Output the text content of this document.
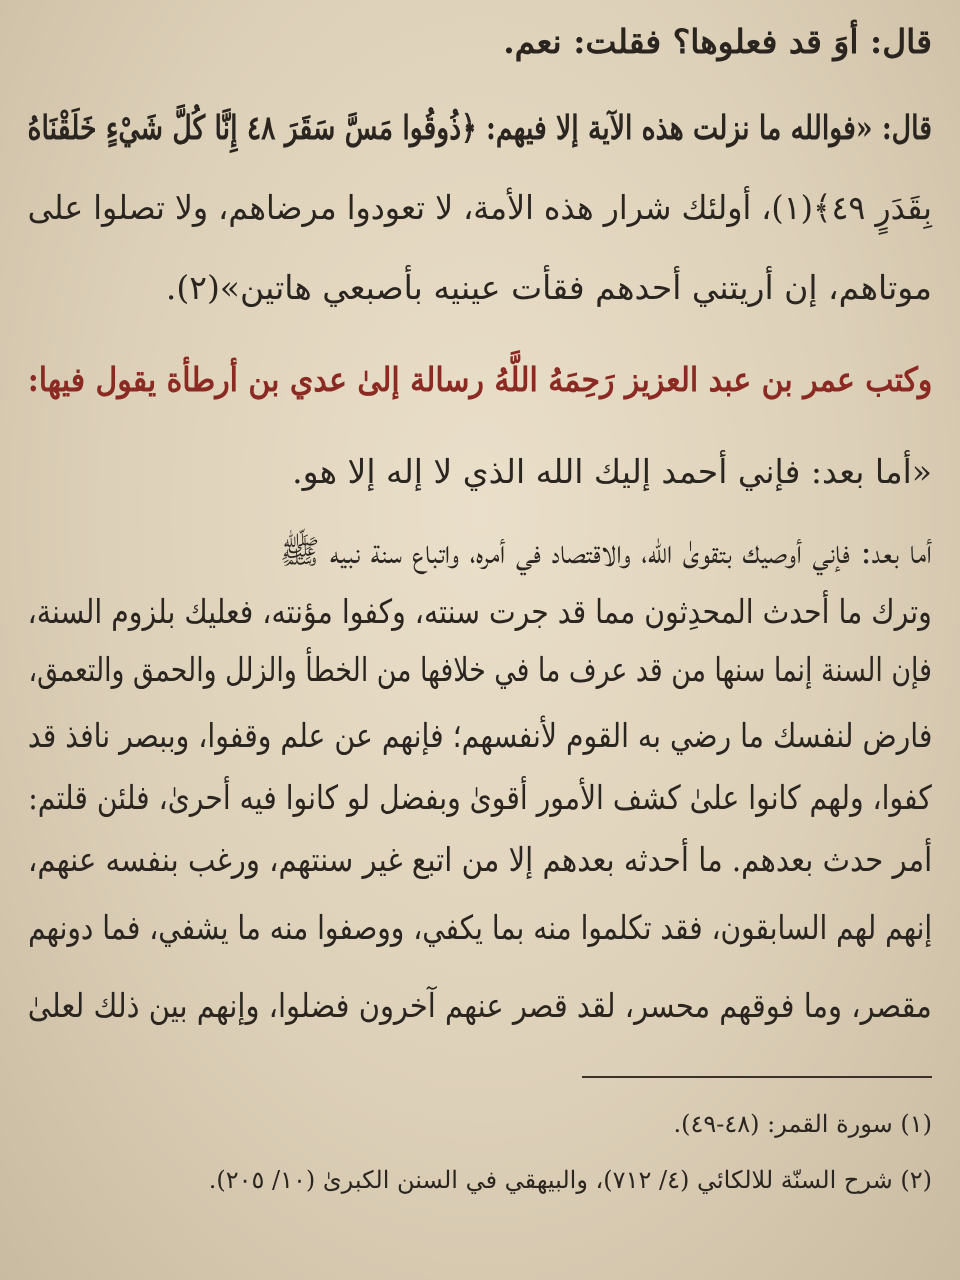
قال: أوَ قد فعلوها؟ فقلت: نعم.
قال: «فوالله ما نزلت هذه الآية إلا فيهم: ﴿ذُوقُوا مَسَّ سَقَرَ ٤٨ إِنَّا كُلَّ شَيْءٍ خَلَقْنَاهُ
بِقَدَرٍ ٤٩﴾(١)، أولئك شرار هذه الأمة، لا تعودوا مرضاهم، ولا تصلوا على
موتاهم، إن أريتني أحدهم فقأت عينيه بأصبعي هاتين»(٢).
وكتب عمر بن عبد العزيز رَحِمَهُ اللَّهُ رسالة إلىٰ عدي بن أرطأة يقول فيها:
«أما بعد: فإني أحمد إليك الله الذي لا إله إلا هو.
أما بعد: فإني أوصيك بتقوىٰ الله، والاقتصاد في أمره، واتباع سنة نبيه ﷺ
وترك ما أحدث المحدِثون مما قد جرت سنته، وكفوا مؤنته، فعليك بلزوم السنة،
فإن السنة إنما سنها من قد عرف ما في خلافها من الخطأ والزلل والحمق والتعمق،
فارض لنفسك ما رضي به القوم لأنفسهم؛ فإنهم عن علم وقفوا، وببصر نافذ قد
كفوا، ولهم كانوا علىٰ كشف الأمور أقوىٰ وبفضل لو كانوا فيه أحرىٰ، فلئن قلتم:
أمر حدث بعدهم. ما أحدثه بعدهم إلا من اتبع غير سنتهم، ورغب بنفسه عنهم،
إنهم لهم السابقون، فقد تكلموا منه بما يكفي، ووصفوا منه ما يشفي، فما دونهم
مقصر، وما فوقهم محسر، لقد قصر عنهم آخرون فضلوا، وإنهم بين ذلك لعلىٰ
(١) سورة القمر: (٤٨-٤٩).
(٢) شرح السنّة للالكائي (٤/ ٧١٢)، والبيهقي في السنن الكبرىٰ (١٠/ ٢٠٥).
